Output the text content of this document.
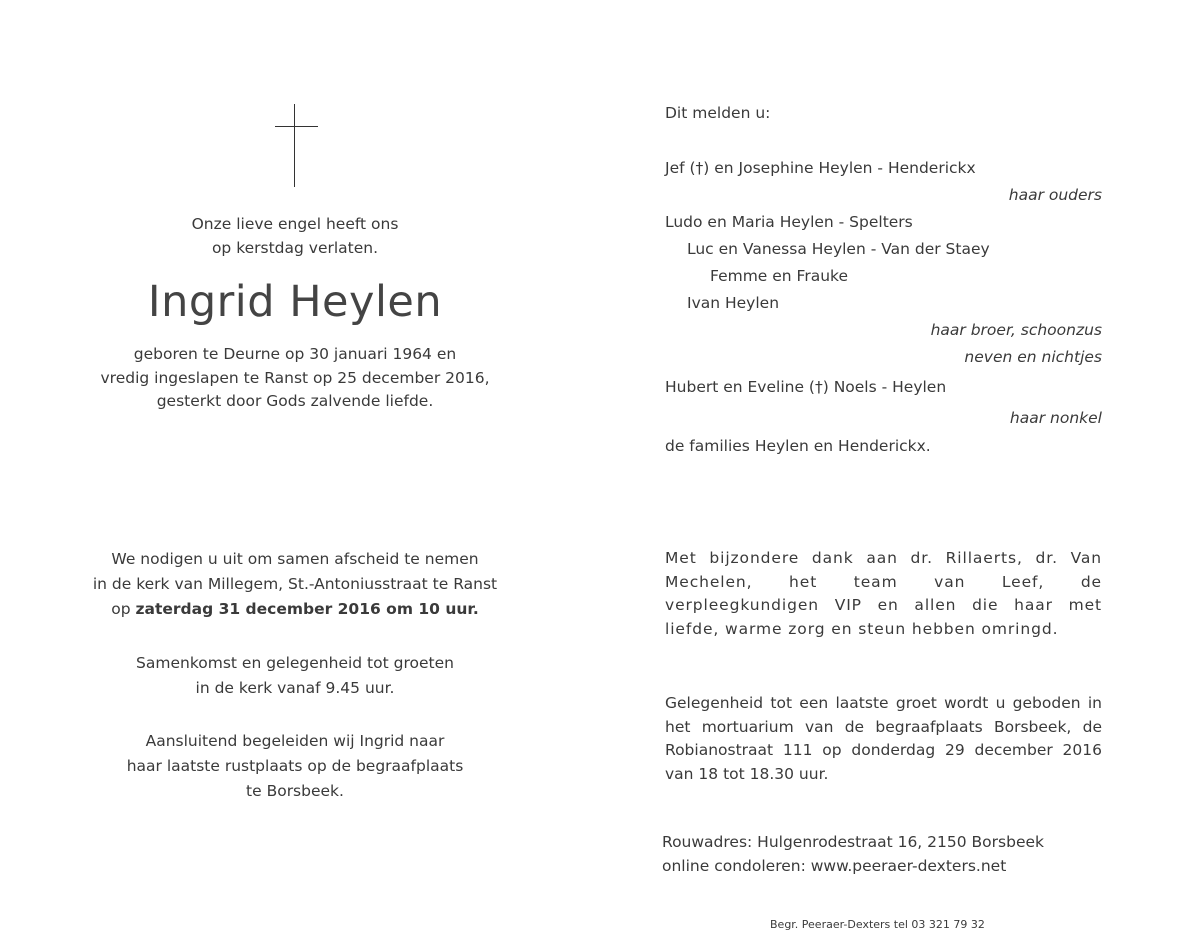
Onze lieve engel heeft ons
op kerstdag verlaten.
Ingrid Heylen
geboren te Deurne op 30 januari 1964 en
vredig ingeslapen te Ranst op 25 december 2016,
gesterkt door Gods zalvende liefde.
We nodigen u uit om samen afscheid te nemen
in de kerk van Millegem, St.-Antoniusstraat te Ranst
op zaterdag 31 december 2016 om 10 uur.
Samenkomst en gelegenheid tot groeten
in de kerk vanaf 9.45 uur.
Aansluitend begeleiden wij Ingrid naar
haar laatste rustplaats op de begraafplaats
te Borsbeek.
Dit melden u:
Jef (†) en Josephine Heylen - Henderickx
haar ouders
Ludo en Maria Heylen - Spelters
Luc en Vanessa Heylen - Van der Staey
Femme en Frauke
Ivan Heylen
haar broer, schoonzus
neven en nichtjes
Hubert en Eveline (†) Noels - Heylen
haar nonkel
de families Heylen en Henderickx.
Met bijzondere dank aan dr. Rillaerts, dr. Van Mechelen, het team van Leef, de verpleegkundigen VIP en allen die haar met liefde, warme zorg en steun hebben omringd.
Gelegenheid tot een laatste groet wordt u geboden in het mortuarium van de begraafplaats Borsbeek, de Robianostraat 111 op donderdag 29 december 2016 van 18 tot 18.30 uur.
Rouwadres: Hulgenrodestraat 16, 2150 Borsbeek
online condoleren: www.peeraer-dexters.net
Begr. Peeraer-Dexters tel 03 321 79 32
